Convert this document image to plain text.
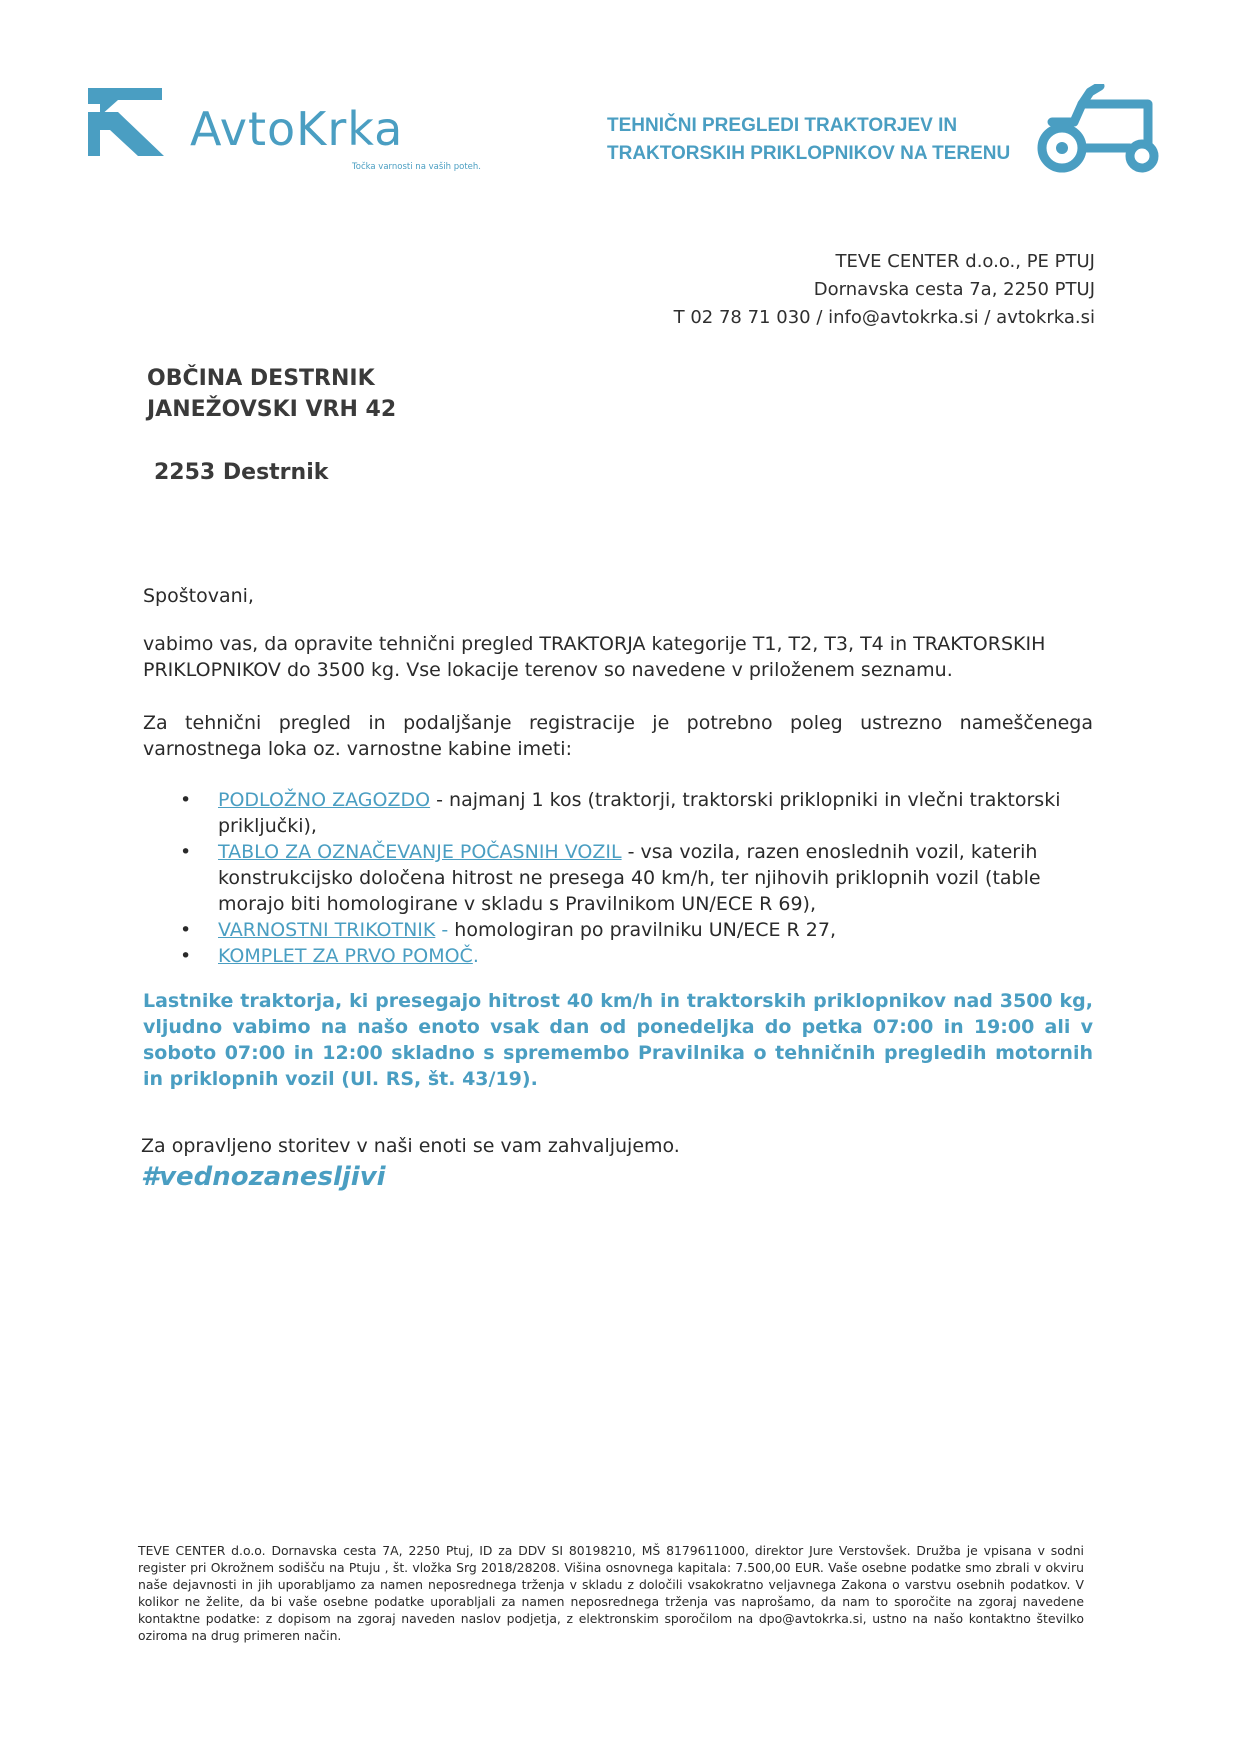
AvtoKrka
Točka varnosti na vaših poteh.
TEHNIČNI PREGLEDI TRAKTORJEV IN
TRAKTORSKIH PRIKLOPNIKOV NA TERENU
TEVE CENTER d.o.o., PE PTUJ
Dornavska cesta 7a, 2250 PTUJ
T 02 78 71 030 / info@avtokrka.si / avtokrka.si
OBČINA DESTRNIK
JANEŽOVSKI VRH 42
2253 Destrnik
Spoštovani,
vabimo vas, da opravite tehnični pregled TRAKTORJA kategorije T1, T2, T3, T4 in TRAKTORSKIH PRIKLOPNIKOV do 3500 kg. Vse lokacije terenov so navedene v priloženem seznamu.
Za tehnični pregled in podaljšanje registracije je potrebno poleg ustrezno nameščenega varnostnega loka oz. varnostne kabine imeti:
• PODLOŽNO ZAGOZDO - najmanj 1 kos (traktorji, traktorski priklopniki in vlečni traktorski priključki),
• TABLO ZA OZNAČEVANJE POČASNIH VOZIL - vsa vozila, razen enoslednih vozil, katerih konstrukcijsko določena hitrost ne presega 40 km/h, ter njihovih priklopnih vozil (table morajo biti homologirane v skladu s Pravilnikom UN/ECE R 69),
• VARNOSTNI TRIKOTNIK - homologiran po pravilniku UN/ECE R 27,
• KOMPLET ZA PRVO POMOČ.
Lastnike traktorja, ki presegajo hitrost 40 km/h in traktorskih priklopnikov nad 3500 kg, vljudno vabimo na našo enoto vsak dan od ponedeljka do petka 07:00 in 19:00 ali v soboto 07:00 in 12:00 skladno s spremembo Pravilnika o tehničnih pregledih motornih in priklopnih vozil (Ul. RS, št. 43/19).
Za opravljeno storitev v naši enoti se vam zahvaljujemo.
#vednozanesljivi
TEVE CENTER d.o.o. Dornavska cesta 7A, 2250 Ptuj, ID za DDV SI 80198210, MŠ 8179611000, direktor Jure Verstovšek. Družba je vpisana v sodni register pri Okrožnem sodišču na Ptuju , št. vložka Srg 2018/28208. Višina osnovnega kapitala: 7.500,00 EUR. Vaše osebne podatke smo zbrali v okviru naše dejavnosti in jih uporabljamo za namen neposrednega trženja v skladu z določili vsakokratno veljavnega Zakona o varstvu osebnih podatkov. V kolikor ne želite, da bi vaše osebne podatke uporabljali za namen neposrednega trženja vas naprošamo, da nam to sporočite na zgoraj navedene kontaktne podatke: z dopisom na zgoraj naveden naslov podjetja, z elektronskim sporočilom na dpo@avtokrka.si, ustno na našo kontaktno številko oziroma na drug primeren način.
